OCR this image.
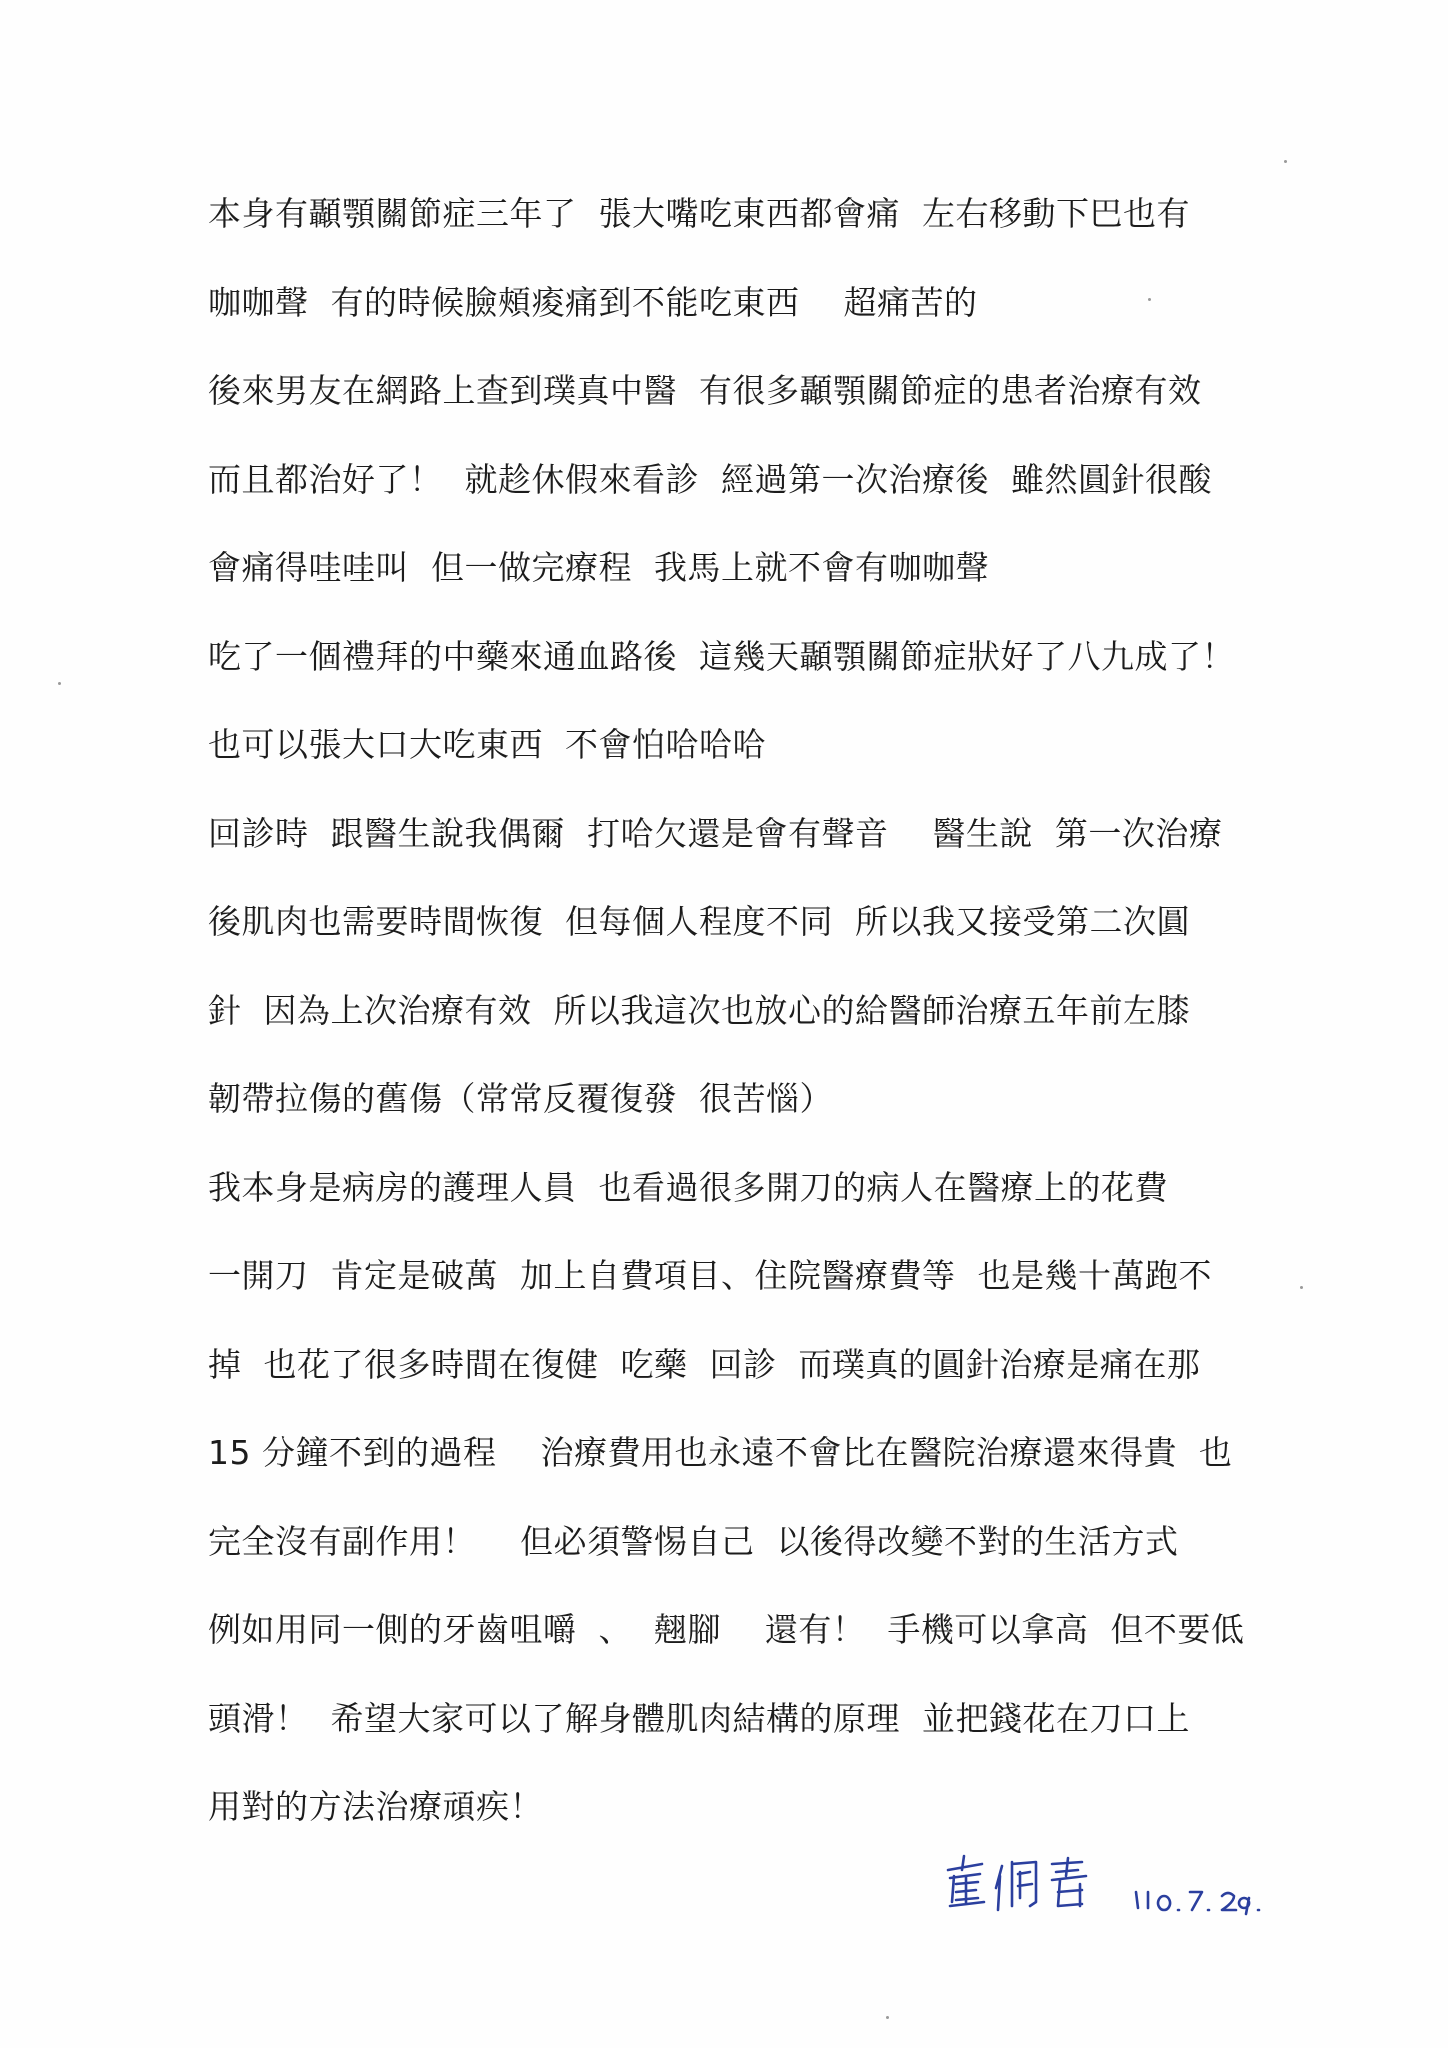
本身有顳顎關節症三年了  張大嘴吃東西都會痛  左右移動下巴也有
咖咖聲  有的時候臉頰痠痛到不能吃東西    超痛苦的
後來男友在網路上查到璞真中醫  有很多顳顎關節症的患者治療有效
而且都治好了！  就趁休假來看診  經過第一次治療後  雖然圓針很酸
會痛得哇哇叫  但一做完療程  我馬上就不會有咖咖聲
吃了一個禮拜的中藥來通血路後  這幾天顳顎關節症狀好了八九成了！
也可以張大口大吃東西  不會怕哈哈哈
回診時  跟醫生說我偶爾  打哈欠還是會有聲音    醫生說  第一次治療
後肌肉也需要時間恢復  但每個人程度不同  所以我又接受第二次圓
針  因為上次治療有效  所以我這次也放心的給醫師治療五年前左膝
韌帶拉傷的舊傷（常常反覆復發  很苦惱）
我本身是病房的護理人員  也看過很多開刀的病人在醫療上的花費
一開刀  肯定是破萬  加上自費項目、住院醫療費等  也是幾十萬跑不
掉  也花了很多時間在復健  吃藥  回診  而璞真的圓針治療是痛在那
15 分鐘不到的過程    治療費用也永遠不會比在醫院治療還來得貴  也
完全沒有副作用！    但必須警惕自己  以後得改變不對的生活方式
例如用同一側的牙齒咀嚼  、  翹腳    還有！  手機可以拿高  但不要低
頭滑！  希望大家可以了解身體肌肉結構的原理  並把錢花在刀口上
用對的方法治療頑疾！
